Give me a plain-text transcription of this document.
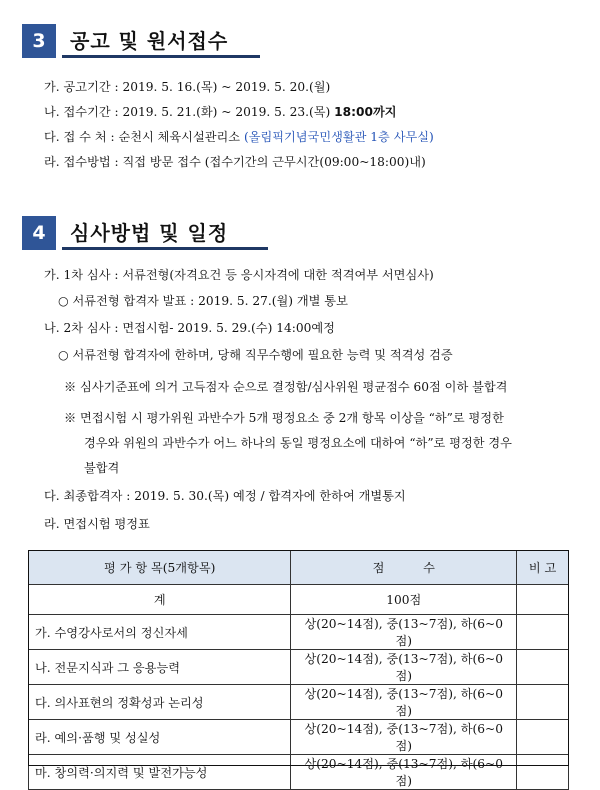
3	공고 및 원서접수
가. 공고기간 : 2019. 5. 16.(목) ~ 2019. 5. 20.(월)
나. 접수기간 : 2019. 5. 21.(화) ~ 2019. 5. 23.(목) 18:00까지
다. 접 수 처 : 순천시 체육시설관리소 (올림픽기념국민생활관 1층 사무실)
라. 접수방법 : 직접 방문 접수 (접수기간의 근무시간(09:00~18:00)내)
4	심사방법 및 일정
가. 1차 심사 : 서류전형(자격요건 등 응시자격에 대한 적격여부 서면심사)
○ 서류전형 합격자 발표 : 2019. 5. 27.(월) 개별 통보
나. 2차 심사 : 면접시험- 2019. 5. 29.(수) 14:00예정
○ 서류전형 합격자에 한하며, 당해 직무수행에 필요한 능력 및 적격성 검증
※ 심사기준표에 의거 고득점자 순으로 결정함/심사위원 평균점수 60점 이하 불합격
※ 면접시험 시 평가위원 과반수가 5개 평정요소 중 2개 항목 이상을 “하”로 평정한
경우와 위원의 과반수가 어느 하나의 동일 평정요소에 대하여 “하”로 평정한 경우
불합격
다. 최종합격자 : 2019. 5. 30.(목) 예정 / 합격자에 한하여 개별통지
라. 면접시험 평정표
평 가 항 목(5개항목)	점          수	비 고
계	100점	
가. 수영강사로서의 정신자세	상(20~14점), 중(13~7점), 하(6~0점)	
나. 전문지식과 그 응용능력	상(20~14점), 중(13~7점), 하(6~0점)	
다. 의사표현의 정확성과 논리성	상(20~14점), 중(13~7점), 하(6~0점)	
라. 예의·품행 및 성실성	상(20~14점), 중(13~7점), 하(6~0점)	
마. 창의력·의지력 및 발전가능성	상(20~14점), 중(13~7점), 하(6~0점)	
